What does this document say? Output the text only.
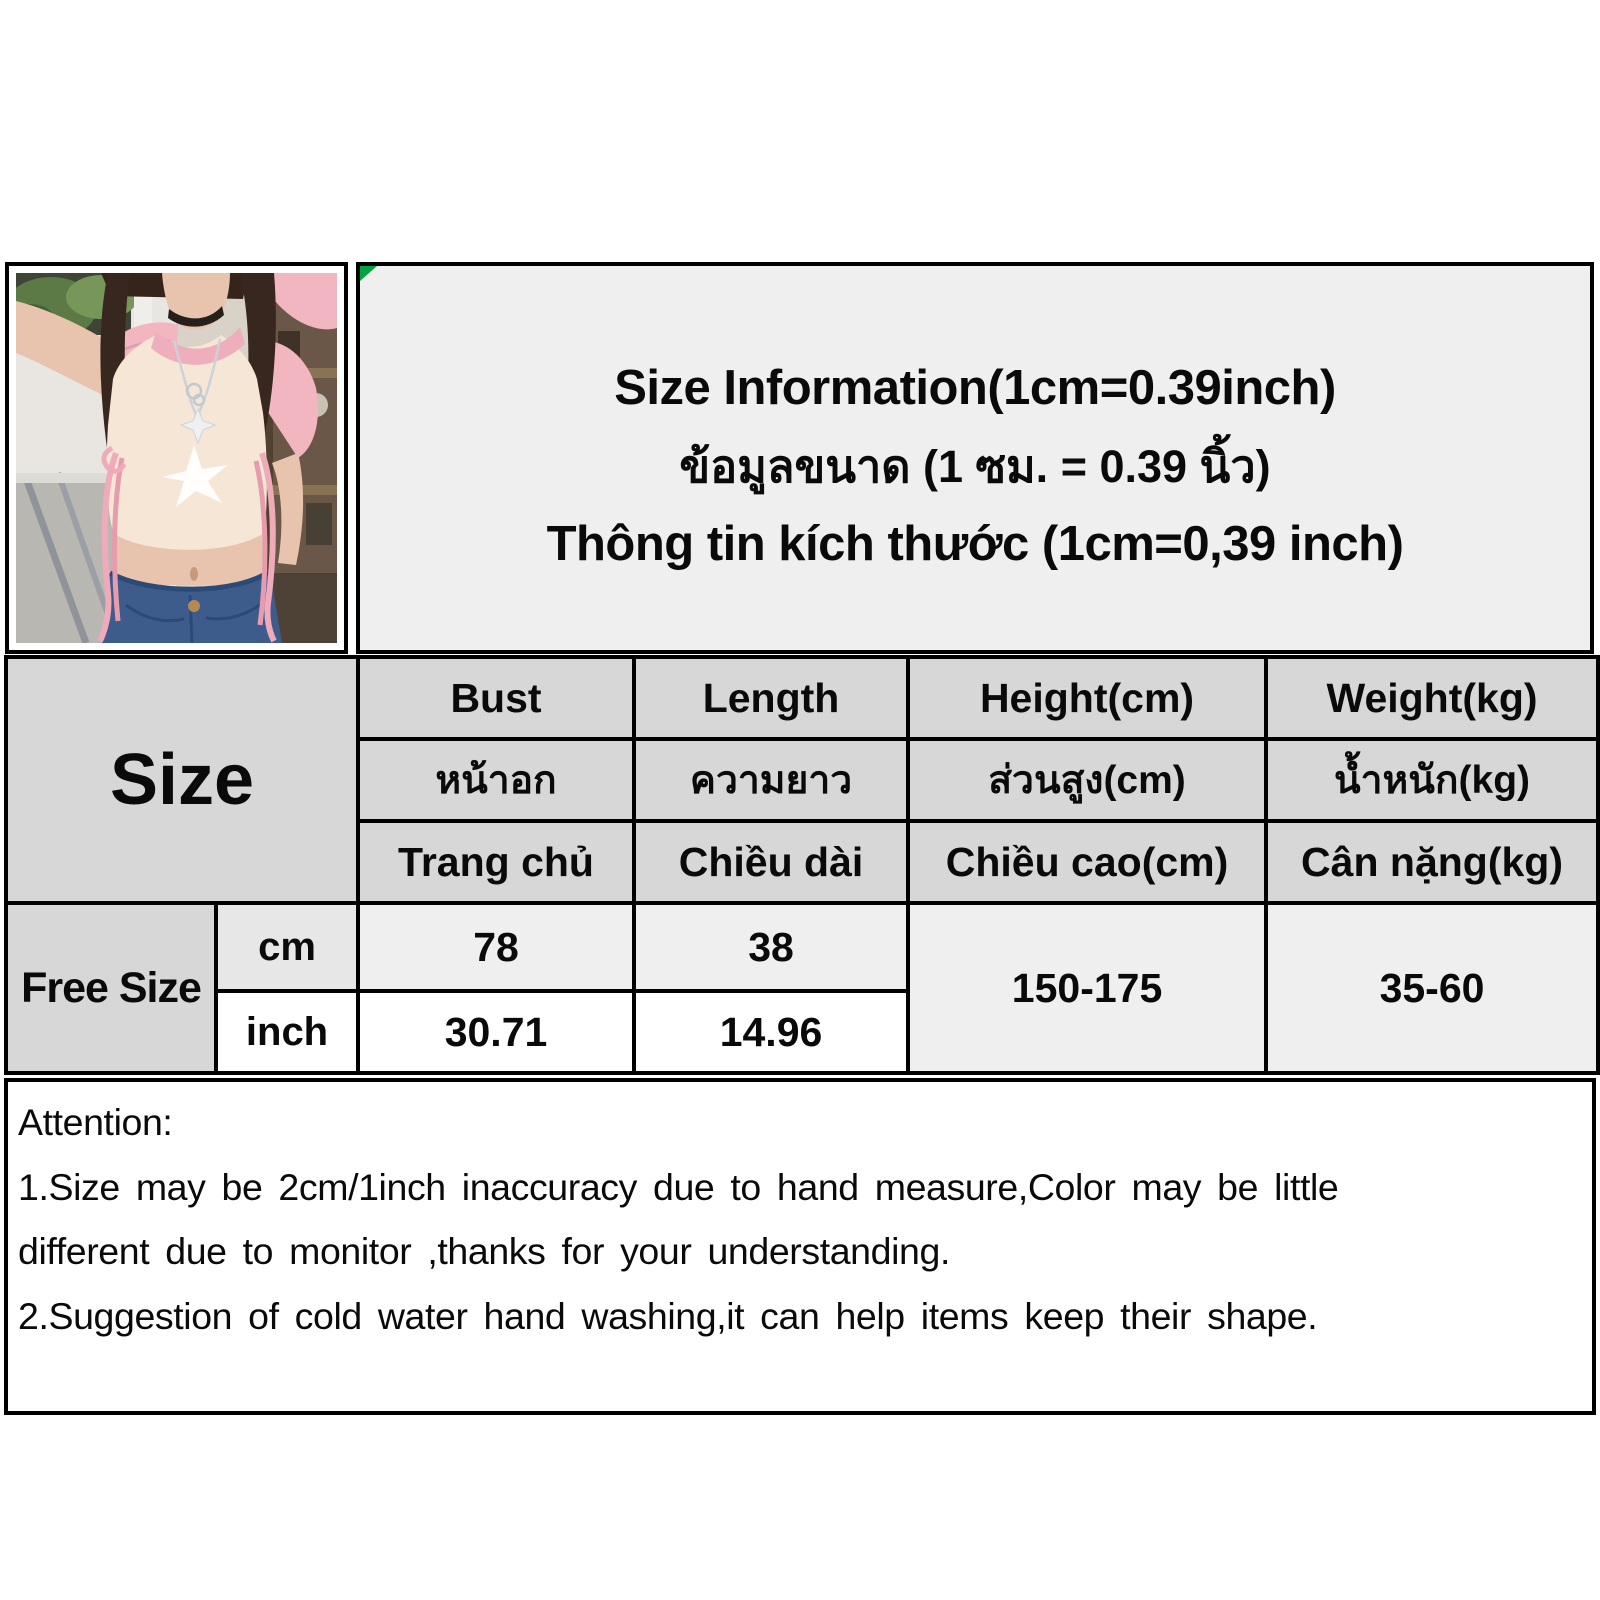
Size Information(1cm=0.39inch)
ข้อมูลขนาด (1 ซม. = 0.39 นิ้ว)
Thông tin kích thước (1cm=0,39 inch)
Size		Bust	Length	Height(cm)	Weight(kg)
		หน้าอก	ความยาว	ส่วนสูง(cm)	น้ำหนัก(kg)
		Trang chủ	Chiều dài	Chiều cao(cm)	Cân nặng(kg)
Free Size	cm	78	38	150-175	35-60
	inch	30.71	14.96		
Attention:
1.Size may be 2cm/1inch inaccuracy due to hand measure,Color may be little
different due to monitor ,thanks for your understanding.
2.Suggestion of cold water hand washing,it can help items keep their shape.
